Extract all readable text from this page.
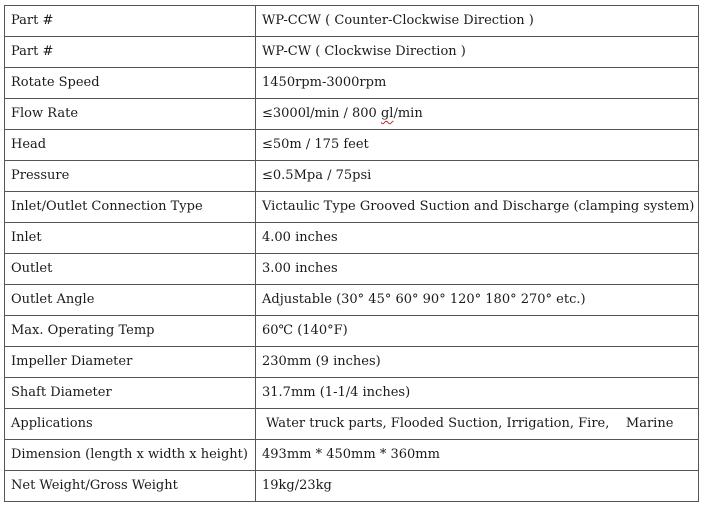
Part #	WP-CCW ( Counter-Clockwise Direction )
Part #	WP-CW ( Clockwise Direction )
Rotate Speed	1450rpm-3000rpm
Flow Rate	≤3000l/min / 800 gl/min
Head	≤50m / 175 feet
Pressure	≤0.5Mpa / 75psi
Inlet/Outlet Connection Type	Victaulic Type Grooved Suction and Discharge (clamping system)
Inlet	4.00 inches
Outlet	3.00 inches
Outlet Angle	Adjustable (30° 45° 60° 90° 120° 180° 270° etc.)
Max. Operating Temp	60℃ (140°F)
Impeller Diameter	230mm (9 inches)
Shaft Diameter	31.7mm (1-1/4 inches)
Applications	Water truck parts, Flooded Suction, Irrigation, Fire,    Marine
Dimension (length x width x height)	493mm * 450mm * 360mm
Net Weight/Gross Weight	19kg/23kg
